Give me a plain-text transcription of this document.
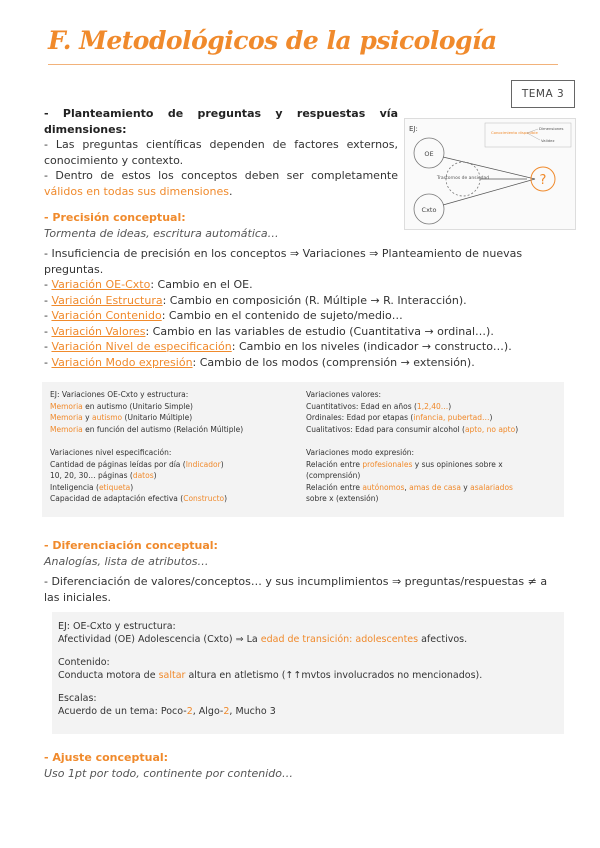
F. Metodológicos de la psicología
TEMA 3
- Planteamiento de preguntas y respuestas vía dimensiones:
- Las preguntas científicas dependen de factores externos, conocimiento y contexto.
- Dentro de estos los conceptos deben ser completamente válidos en todas sus dimensiones.
EJ:
OE
Cxto
Trastornos de ansiedad	?
Conocimiento disponible
Dimensiones
Validez
- Precisión conceptual:
Tormenta de ideas, escritura automática…
- Insuficiencia de precisión en los conceptos ⇒ Variaciones ⇒ Planteamiento de nuevas preguntas.
- Variación OE-Cxto: Cambio en el OE.
- Variación Estructura: Cambio en composición (R. Múltiple → R. Interacción).
- Variación Contenido: Cambio en el contenido de sujeto/medio…
- Variación Valores: Cambio en las variables de estudio (Cuantitativa → ordinal…).
- Variación Nivel de especificación: Cambio en los niveles (indicador → constructo…).
- Variación Modo expresión: Cambio de los modos (comprensión → extensión).
EJ: Variaciones OE-Cxto y estructura:
Memoria en autismo (Unitario Simple)
Memoria y autismo (Unitario Múltiple)
Memoria en función del autismo (Relación Múltiple)
Variaciones valores:
Cuantitativos: Edad en años (1,2,40…)
Ordinales: Edad por etapas (infancia, pubertad…)
Cualitativos: Edad para consumir alcohol (apto, no apto)
Variaciones nivel especificación:
Cantidad de páginas leídas por día (Indicador)
10, 20, 30… páginas (datos)
Inteligencia (etiqueta)
Capacidad de adaptación efectiva (Constructo)
Variaciones modo expresión:
Relación entre profesionales y sus opiniones sobre x
(comprensión)
Relación entre autónomos, amas de casa y asalariados
sobre x (extensión)
- Diferenciación conceptual:
Analogías, lista de atributos…
- Diferenciación de valores/conceptos… y sus incumplimientos ⇒ preguntas/respuestas ≠ a las iniciales.
EJ: OE-Cxto y estructura:
Afectividad (OE) Adolescencia (Cxto) ⇒ La edad de transición: adolescentes afectivos.
Contenido:
Conducta motora de saltar altura en atletismo (↑↑mvtos involucrados no mencionados).
Escalas:
Acuerdo de un tema: Poco-2, Algo-2, Mucho 3
- Ajuste conceptual:
Uso 1pt por todo, continente por contenido…
